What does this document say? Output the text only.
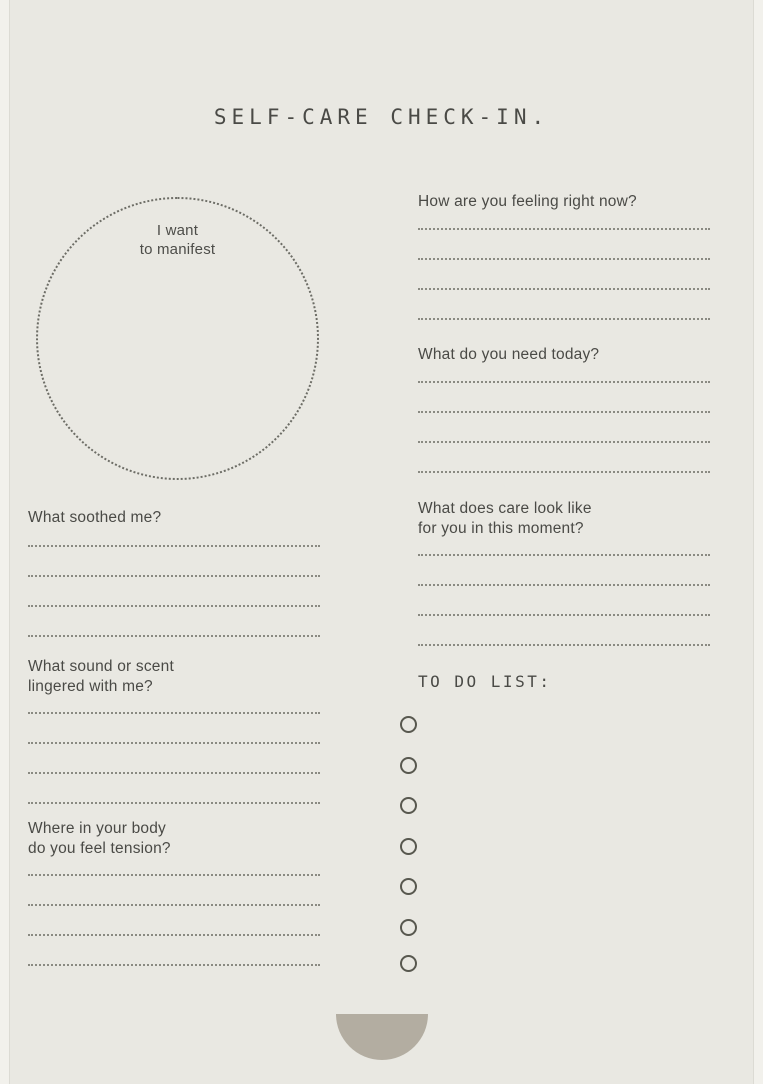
SELF-CARE CHECK-IN.
I want
to manifest
How are you feeling right now?
What do you need today?
What does care look like
for you in this moment?
What soothed me?
What sound or scent
lingered with me?
Where in your body
do you feel tension?
TO DO LIST:
